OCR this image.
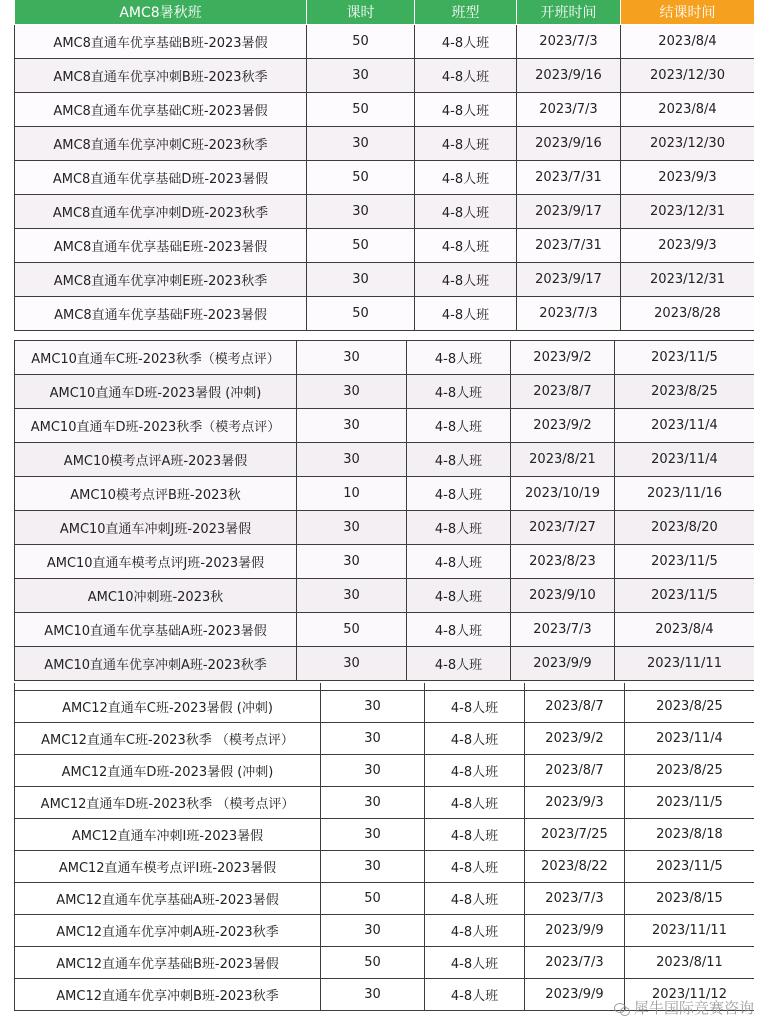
AMC8暑秋班	课时	班型	开班时间	结课时间
AMC8直通车优享基础B班-2023暑假	50	4-8人班	2023/7/3	2023/8/4
AMC8直通车优享冲刺B班-2023秋季	30	4-8人班	2023/9/16	2023/12/30
AMC8直通车优享基础C班-2023暑假	50	4-8人班	2023/7/3	2023/8/4
AMC8直通车优享冲刺C班-2023秋季	30	4-8人班	2023/9/16	2023/12/30
AMC8直通车优享基础D班-2023暑假	50	4-8人班	2023/7/31	2023/9/3
AMC8直通车优享冲刺D班-2023秋季	30	4-8人班	2023/9/17	2023/12/31
AMC8直通车优享基础E班-2023暑假	50	4-8人班	2023/7/31	2023/9/3
AMC8直通车优享冲刺E班-2023秋季	30	4-8人班	2023/9/17	2023/12/31
AMC8直通车优享基础F班-2023暑假	50	4-8人班	2023/7/3	2023/8/28
AMC10直通车C班-2023秋季（模考点评）	30	4-8人班	2023/9/2	2023/11/5
AMC10直通车D班-2023暑假 (冲刺)	30	4-8人班	2023/8/7	2023/8/25
AMC10直通车D班-2023秋季（模考点评）	30	4-8人班	2023/9/2	2023/11/4
AMC10模考点评A班-2023暑假	30	4-8人班	2023/8/21	2023/11/4
AMC10模考点评B班-2023秋	10	4-8人班	2023/10/19	2023/11/16
AMC10直通车冲刺J班-2023暑假	30	4-8人班	2023/7/27	2023/8/20
AMC10直通车模考点评J班-2023暑假	30	4-8人班	2023/8/23	2023/11/5
AMC10冲刺班-2023秋	30	4-8人班	2023/9/10	2023/11/5
AMC10直通车优享基础A班-2023暑假	50	4-8人班	2023/7/3	2023/8/4
AMC10直通车优享冲刺A班-2023秋季	30	4-8人班	2023/9/9	2023/11/11

AMC12直通车C班-2023暑假 (冲刺)	30	4-8人班	2023/8/7	2023/8/25
AMC12直通车C班-2023秋季 （模考点评）	30	4-8人班	2023/9/2	2023/11/4
AMC12直通车D班-2023暑假 (冲刺)	30	4-8人班	2023/8/7	2023/8/25
AMC12直通车D班-2023秋季 （模考点评）	30	4-8人班	2023/9/3	2023/11/5
AMC12直通车冲刺I班-2023暑假	30	4-8人班	2023/7/25	2023/8/18
AMC12直通车模考点评I班-2023暑假	30	4-8人班	2023/8/22	2023/11/5
AMC12直通车优享基础A班-2023暑假	50	4-8人班	2023/7/3	2023/8/15
AMC12直通车优享冲刺A班-2023秋季	30	4-8人班	2023/9/9	2023/11/11
AMC12直通车优享基础B班-2023暑假	50	4-8人班	2023/7/3	2023/8/11
AMC12直通车优享冲刺B班-2023秋季	30	4-8人班	2023/9/9	2023/11/12
犀牛国际竞赛咨询
